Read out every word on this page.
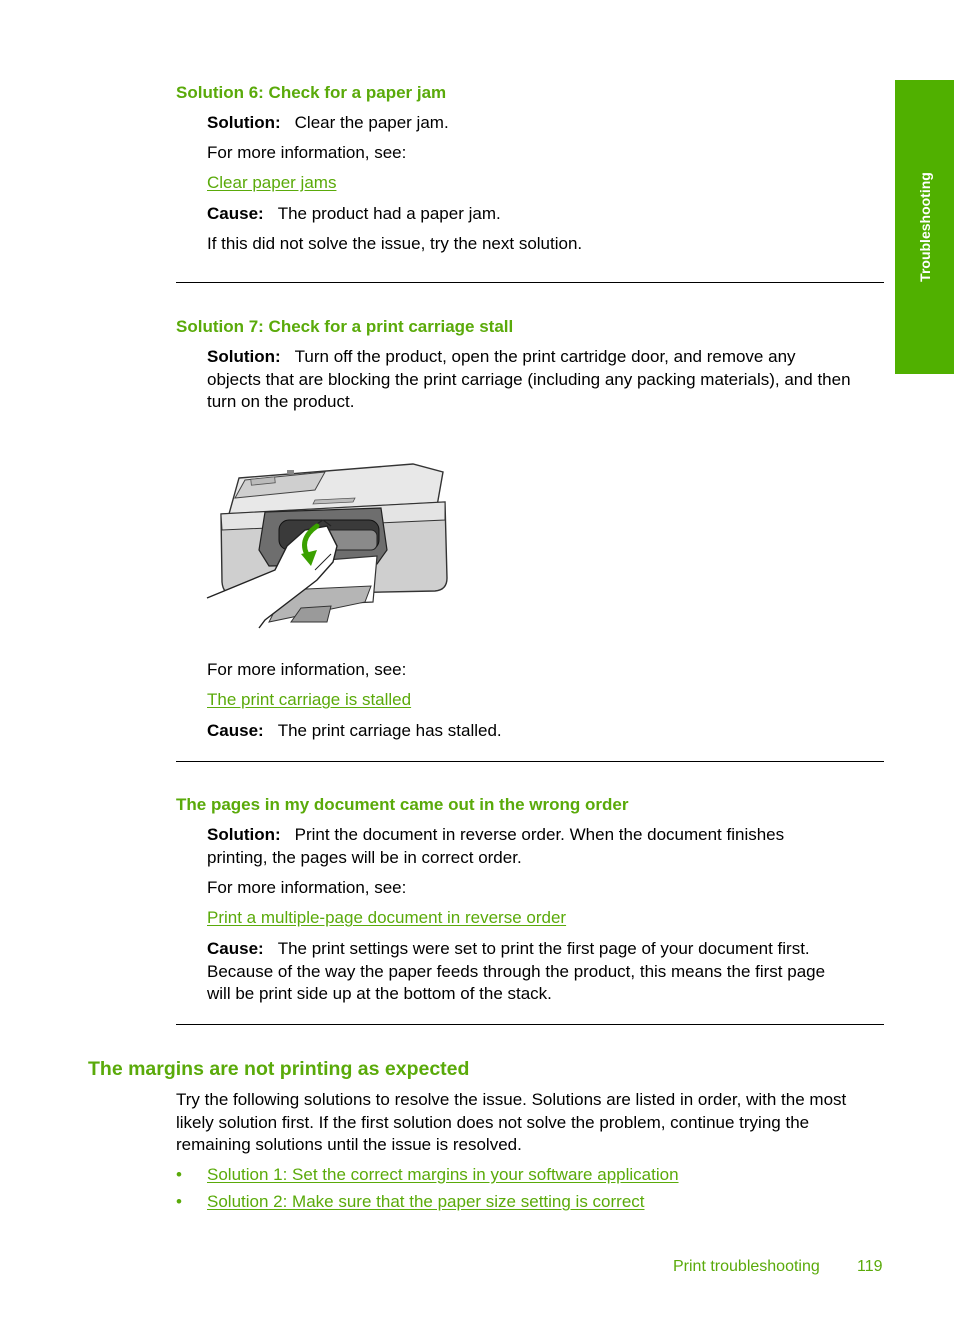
Troubleshooting
Solution 6: Check for a paper jam
Solution: Clear the paper jam.
For more information, see:
Clear paper jams
Cause: The product had a paper jam.
If this did not solve the issue, try the next solution.
Solution 7: Check for a print carriage stall
Solution: Turn off the product, open the print cartridge door, and remove any
objects that are blocking the print carriage (including any packing materials), and then
turn on the product.
For more information, see:
The print carriage is stalled
Cause: The print carriage has stalled.
The pages in my document came out in the wrong order
Solution: Print the document in reverse order. When the document finishes
printing, the pages will be in correct order.
For more information, see:
Print a multiple-page document in reverse order
Cause: The print settings were set to print the first page of your document first.
Because of the way the paper feeds through the product, this means the first page
will be print side up at the bottom of the stack.
The margins are not printing as expected
Try the following solutions to resolve the issue. Solutions are listed in order, with the most
likely solution first. If the first solution does not solve the problem, continue trying the
remaining solutions until the issue is resolved.
• Solution 1: Set the correct margins in your software application
• Solution 2: Make sure that the paper size setting is correct
Print troubleshooting 119
